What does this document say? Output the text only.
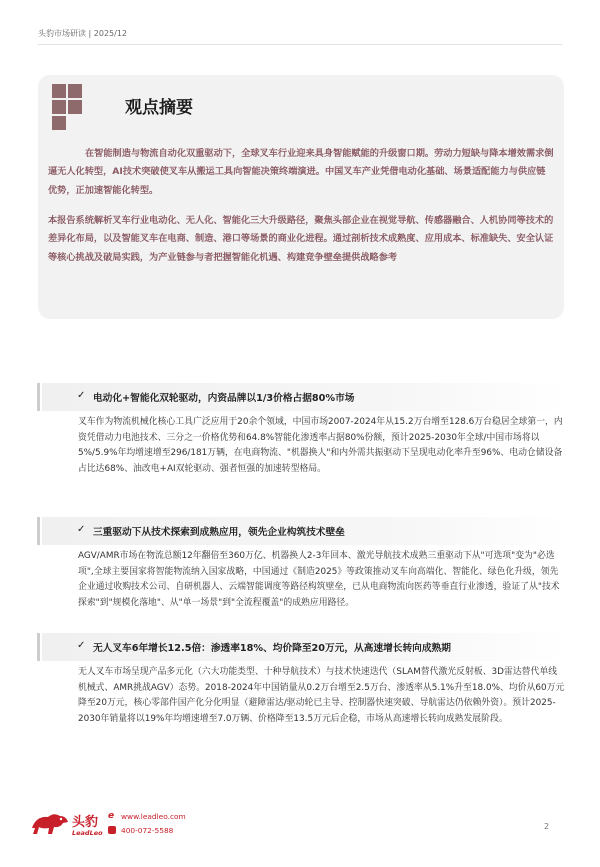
头豹市场研读 | 2025/12
观点摘要

在智能制造与物流自动化双重驱动下，全球叉车行业迎来具身智能赋能的升级窗口期。劳动力短缺与降本增效需求倒逼无人化转型，AI技术突破使叉车从搬运工具向智能决策终端演进。中国叉车产业凭借电动化基础、场景适配能力与供应链优势，正加速智能化转型。

本报告系统解析叉车行业电动化、无人化、智能化三大升级路径，聚焦头部企业在视觉导航、传感器融合、人机协同等技术的差异化布局，以及智能叉车在电商、制造、港口等场景的商业化进程。通过剖析技术成熟度、应用成本、标准缺失、安全认证等核心挑战及破局实践，为产业链参与者把握智能化机遇、构建竞争壁垒提供战略参考

✓ 电动化+智能化双轮驱动，内资品牌以1/3价格占据80%市场

叉车作为物流机械化核心工具广泛应用于20余个领域，中国市场2007-2024年从15.2万台增至128.6万台稳居全球第一，内资凭借动力电池技术、三分之一价格优势和64.8%智能化渗透率占据80%份额，预计2025-2030年全球/中国市场将以5%/5.9%年均增速增至296/181万辆，在电商物流、"机器换人"和内外需共振驱动下呈现电动化率升至96%、电动仓储设备占比达68%、油改电+AI双轮驱动、强者恒强的加速转型格局。

✓ 三重驱动下从技术探索到成熟应用，领先企业构筑技术壁垒

AGV/AMR市场在物流总额12年翻倍至360万亿、机器换人2-3年回本、激光导航技术成熟三重驱动下从"可选项"变为"必选项",全球主要国家将智能物流纳入国家战略，中国通过《制造2025》等政策推动叉车向高端化、智能化、绿色化升级，领先企业通过收购技术公司、自研机器人、云端智能调度等路径构筑壁垒，已从电商物流向医药等垂直行业渗透，验证了从"技术探索"到"规模化落地"、从"单一场景"到"全流程覆盖"的成熟应用路径。

✓ 无人叉车6年增长12.5倍：渗透率18%、均价降至20万元，从高速增长转向成熟期

无人叉车市场呈现产品多元化（六大功能类型、十种导航技术）与技术快速迭代（SLAM替代激光反射板、3D雷达替代单线机械式、AMR挑战AGV）态势。2018-2024年中国销量从0.2万台增至2.5万台、渗透率从5.1%升至18.0%、均价从60万元降至20万元，核心零部件国产化分化明显（避障雷达/驱动轮已主导、控制器快速突破、导航雷达仍依赖外资）。预计2025-2030年销量将以19%年均增速增至7.0万辆、价格降至13.5万元后企稳，市场从高速增长转向成熟发展阶段。

头豹
LeadLeo
e www.leadleo.com
400-072-5588	2
